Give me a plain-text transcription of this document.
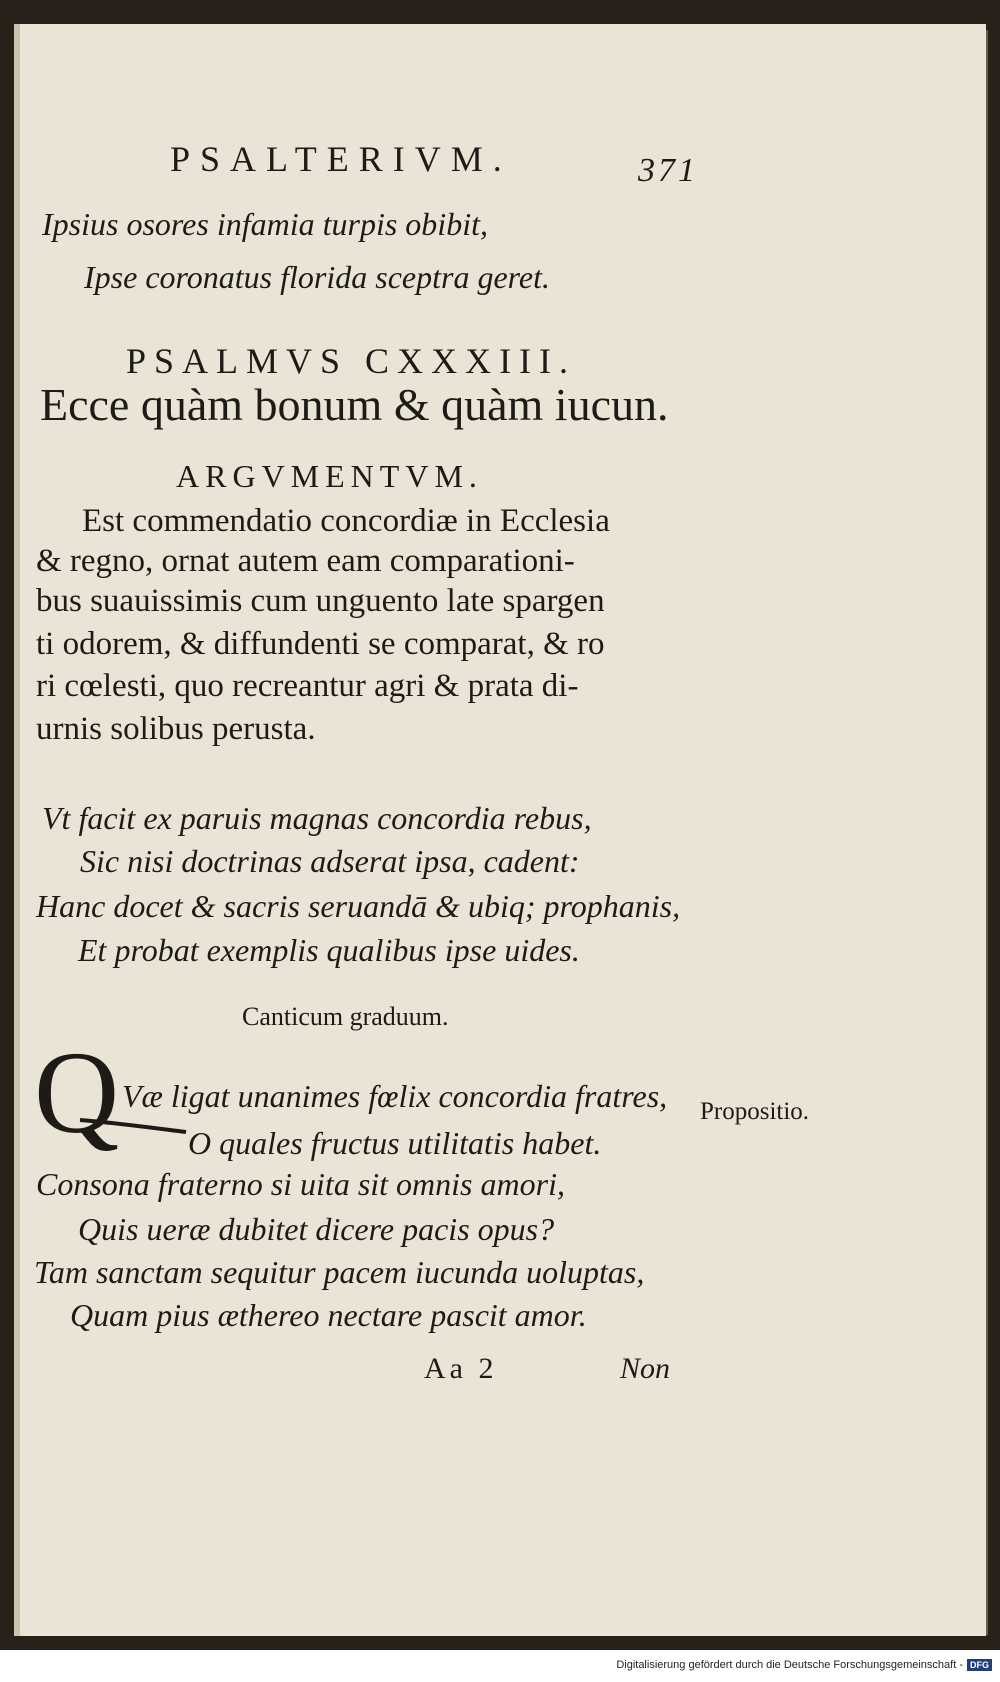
PSALTERIVM.	371
Ipsius osores infamia turpis obibit,
Ipse coronatus florida sceptra geret.
PSALMVS CXXXIII.
Ecce quàm bonum & quàm iucun.
ARGVMENTVM.
Est commendatio concordiæ in Ecclesia
& regno, ornat autem eam comparationi-
bus suauissimis cum unguento late spargen
ti odorem, & diffundenti se comparat, & ro
ri cœlesti, quo recreantur agri & prata di-
urnis solibus perusta.
Vt facit ex paruis magnas concordia rebus,
Sic nisi doctrinas adserat ipsa, cadent:
Hanc docet & sacris seruandā & ubiq; prophanis,
Et probat exemplis qualibus ipse uides.
Canticum graduum.
Q Væ ligat unanimes fœlix concordia fratres,
O quales fructus utilitatis habet.
Consona fraterno si uita sit omnis amori,
Quis ueræ dubitet dicere pacis opus?
Tam sanctam sequitur pacem iucunda uoluptas,
Quam pius æthereo nectare pascit amor.
Propositio.
Aa 2	Non
Digitalisierung gefördert durch die Deutsche Forschungsgemeinschaft - DFG
